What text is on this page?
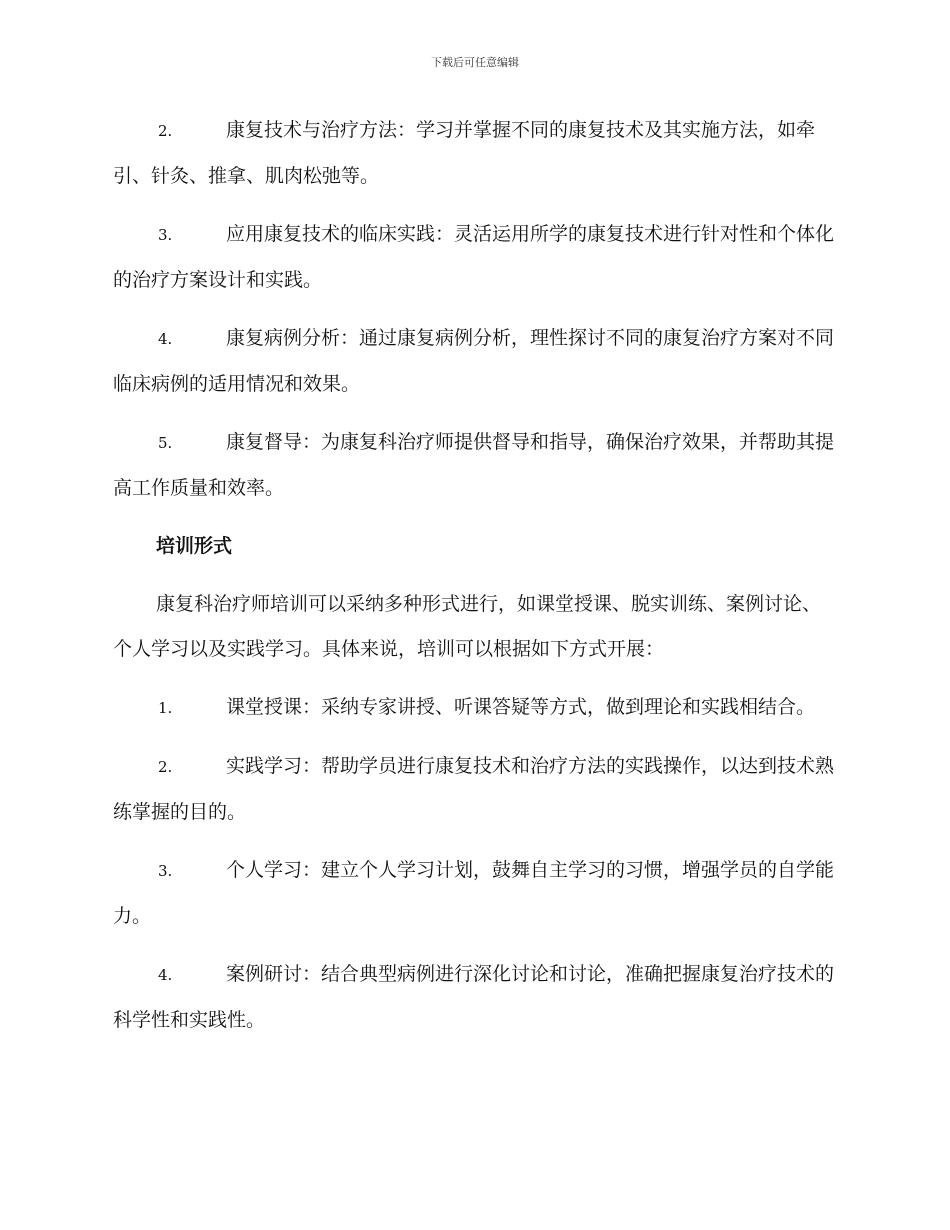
下载后可任意编辑

2.	康复技术与治疗方法：学习并掌握不同的康复技术及其实施方法，如牵引、针灸、推拿、肌肉松弛等。

3.	应用康复技术的临床实践：灵活运用所学的康复技术进行针对性和个体化的治疗方案设计和实践。

4.	康复病例分析：通过康复病例分析，理性探讨不同的康复治疗方案对不同临床病例的适用情况和效果。

5.	康复督导：为康复科治疗师提供督导和指导，确保治疗效果，并帮助其提高工作质量和效率。

培训形式

康复科治疗师培训可以采纳多种形式进行，如课堂授课、脱实训练、案例讨论、个人学习以及实践学习。具体来说，培训可以根据如下方式开展：

1.	课堂授课：采纳专家讲授、听课答疑等方式，做到理论和实践相结合。

2.	实践学习：帮助学员进行康复技术和治疗方法的实践操作，以达到技术熟练掌握的目的。

3.	个人学习：建立个人学习计划，鼓舞自主学习的习惯，增强学员的自学能力。

4.	案例研讨：结合典型病例进行深化讨论和讨论，准确把握康复治疗技术的科学性和实践性。
